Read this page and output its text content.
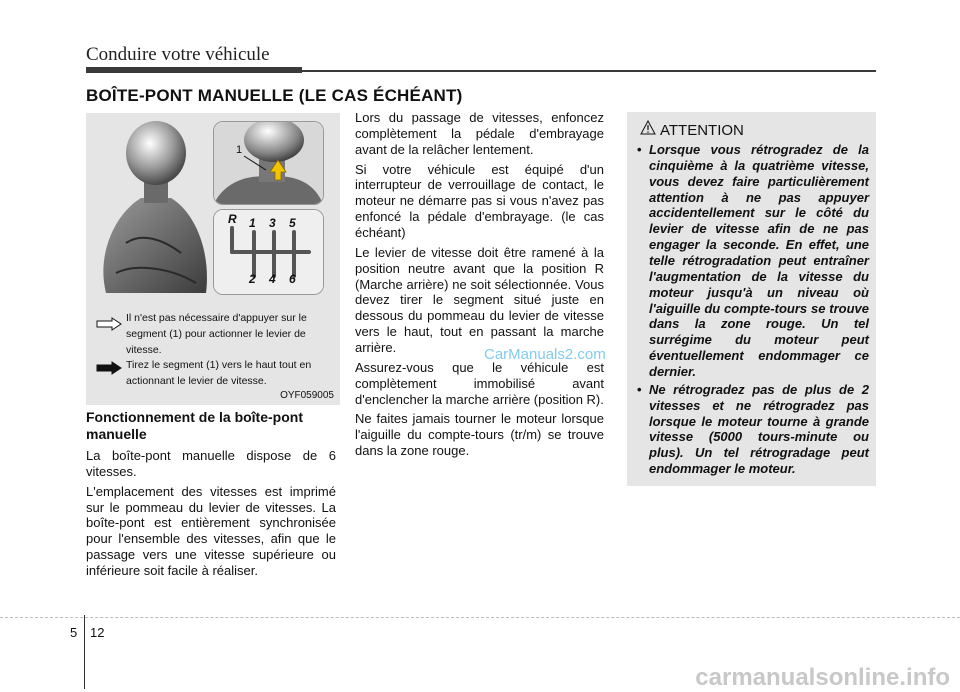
Conduire votre véhicule
BOÎTE-PONT MANUELLE (LE CAS ÉCHÉANT)
1
R 1 3 5
2 4 6

Il n'est pas nécessaire d'appuyer sur le segment (1) pour actionner le levier de vitesse.

Tirez le segment (1) vers le haut tout en actionnant le levier de vitesse.

OYF059005
Fonctionnement de la boîte-pont manuelle

La boîte-pont manuelle dispose de 6 vitesses.

L'emplacement des vitesses est imprimé sur le pommeau du levier de vitesses. La boîte-pont est entièrement synchronisée pour l'ensemble des vitesses, afin que le passage vers une vitesse supérieure ou inférieure soit facile à réaliser.

Lors du passage de vitesses, enfoncez complètement la pédale d'embrayage avant de la relâcher lentement.

Si votre véhicule est équipé d'un interrupteur de verrouillage de contact, le moteur ne démarre pas si vous n'avez pas enfoncé la pédale d'embrayage. (le cas échéant)

Le levier de vitesse doit être ramené à la position neutre avant que la position R (Marche arrière) ne soit sélectionnée. Vous devez tirer le segment situé juste en dessous du pommeau du levier de vitesse vers le haut, tout en passant la marche arrière.

Assurez-vous que le véhicule est complètement immobilisé avant d'enclencher la marche arrière (position R).

Ne faites jamais tourner le moteur lorsque l'aiguille du compte-tours (tr/m) se trouve dans la zone rouge.

ATTENTION
• Lorsque vous rétrogradez de la cinquième à la quatrième vitesse, vous devez faire particulièrement attention à ne pas appuyer accidentellement sur le côté du levier de vitesse afin de ne pas engager la seconde. En effet, une telle rétrogradation peut entraîner l'augmentation de la vitesse du moteur jusqu'à un niveau où l'aiguille du compte-tours se trouve dans la zone rouge. Un tel surrégime du moteur peut éventuellement endommager ce dernier.
• Ne rétrogradez pas de plus de 2 vitesses et ne rétrogradez pas lorsque le moteur tourne à grande vitesse (5000 tours-minute ou plus). Un tel rétrogradage peut endommager le moteur.
CarManuals2.com
5 12
carmanualsonline.info
